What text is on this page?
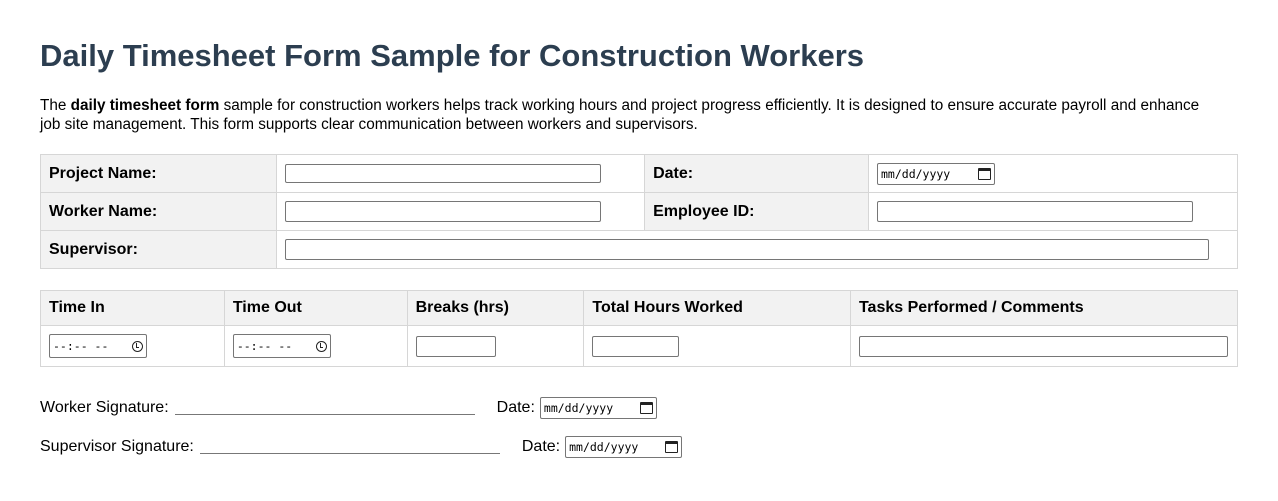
Daily Timesheet Form Sample for Construction Workers

The daily timesheet form sample for construction workers helps track working hours and project progress efficiently. It is designed to ensure accurate payroll and enhance job site management. This form supports clear communication between workers and supervisors.

Project Name:		Date:	mm/dd/yyyy

Worker Name:		Employee ID:	
Supervisor:			
Time In	Time Out	Breaks (hrs)	Total Hours Worked	Tasks Performed / Comments

--:-- --	--:-- --			

Worker Signature:	Date: mm/dd/yyyy
Supervisor Signature:	Date: mm/dd/yyyy
